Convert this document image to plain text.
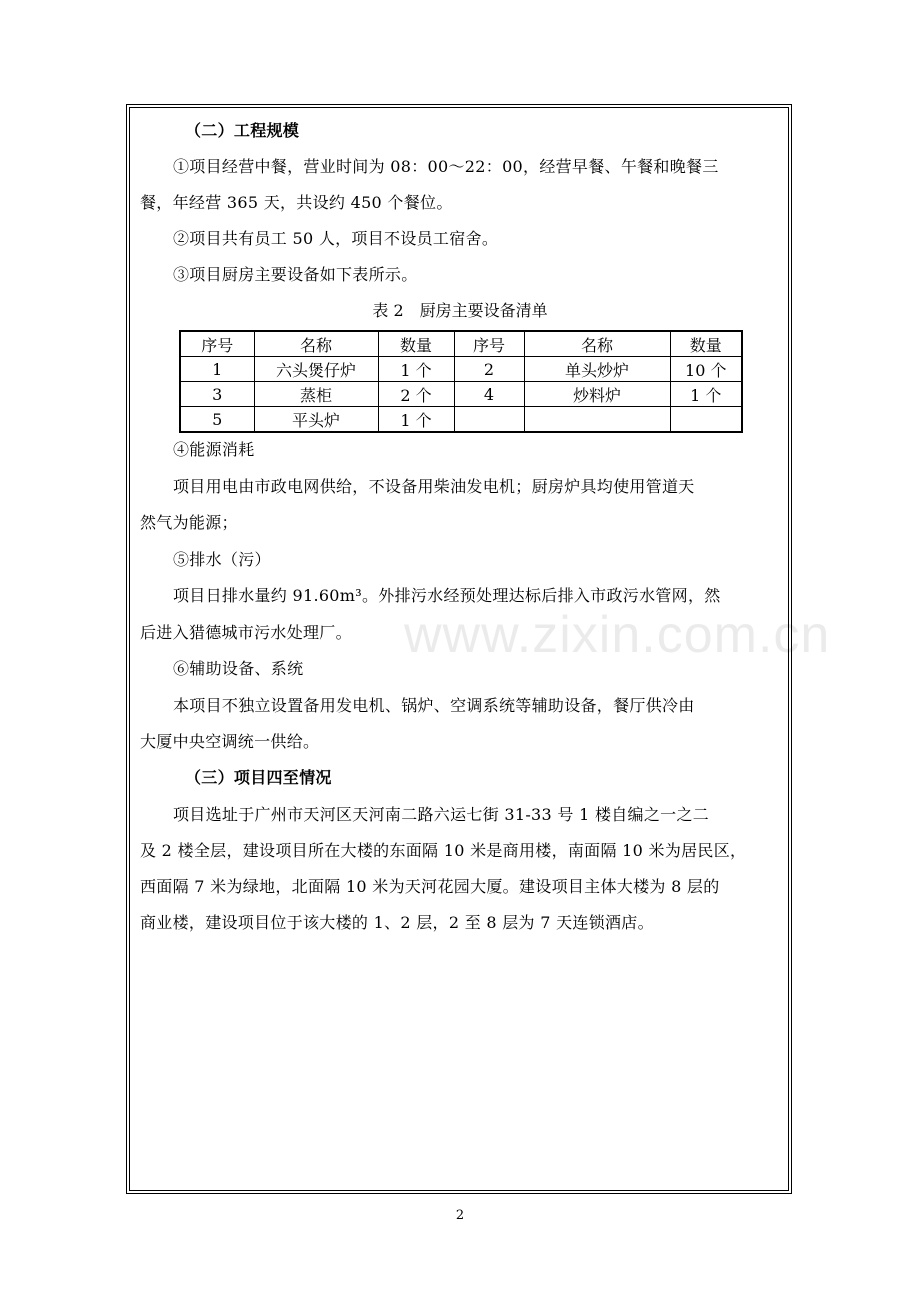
（二）工程规模
①项目经营中餐，营业时间为 08：00～22：00，经营早餐、午餐和晚餐三
餐，年经营 365 天，共设约 450 个餐位。
②项目共有员工 50 人，项目不设员工宿舍。
③项目厨房主要设备如下表所示。
表 2　厨房主要设备清单
序号	名称	数量	序号	名称	数量
1	六头煲仔炉	1 个	2	单头炒炉	10 个
3	蒸柜	2 个	4	炒料炉	1 个
5	平头炉	1 个			
④能源消耗
项目用电由市政电网供给，不设备用柴油发电机；厨房炉具均使用管道天
然气为能源；
⑤排水（污）
项目日排水量约 91.60m³。外排污水经预处理达标后排入市政污水管网，然
后进入猎德城市污水处理厂。
⑥辅助设备、系统
本项目不独立设置备用发电机、锅炉、空调系统等辅助设备，餐厅供冷由
大厦中央空调统一供给。
（三）项目四至情况
项目选址于广州市天河区天河南二路六运七街 31-33 号 1 楼自编之一之二
及 2 楼全层，建设项目所在大楼的东面隔 10 米是商用楼，南面隔 10 米为居民区，
西面隔 7 米为绿地，北面隔 10 米为天河花园大厦。建设项目主体大楼为 8 层的
商业楼，建设项目位于该大楼的 1、2 层，2 至 8 层为 7 天连锁酒店。
www.zixin.com.cn
2
